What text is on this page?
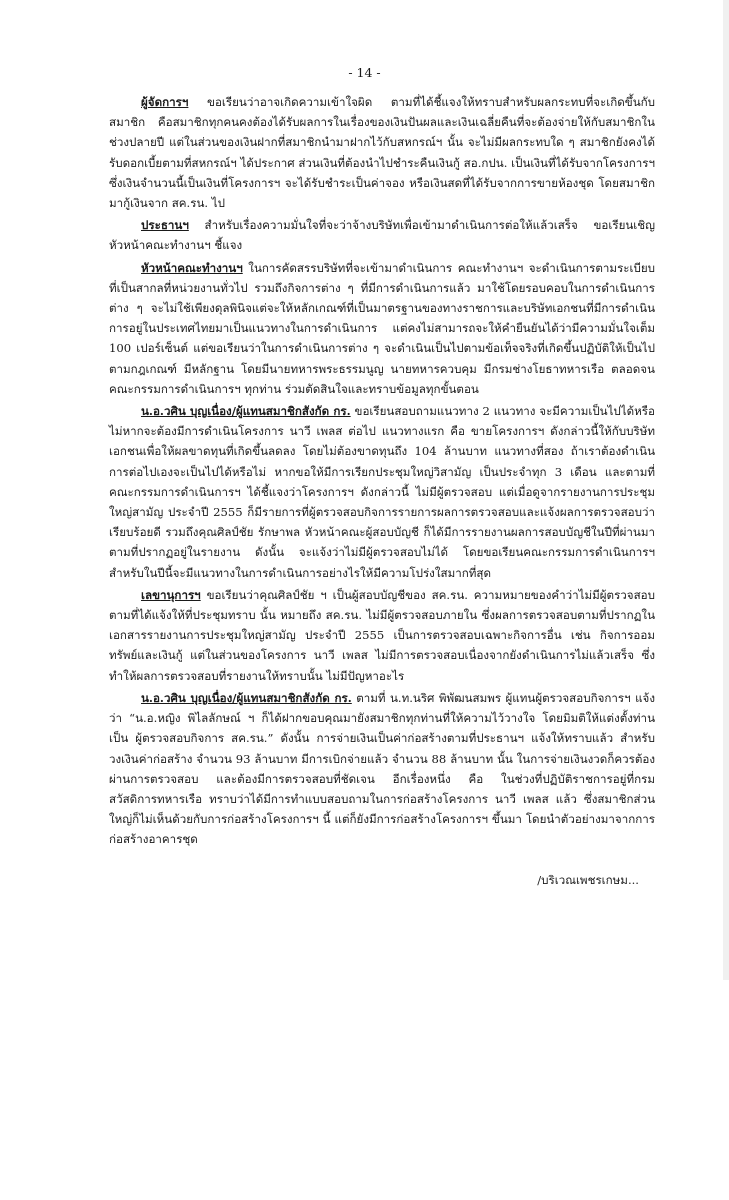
- 14 -

ผู้จัดการฯ ขอเรียนว่าอาจเกิดความเข้าใจผิด ตามที่ได้ชี้แจงให้ทราบสำหรับผลกระทบที่จะเกิดขึ้นกับสมาชิก คือสมาชิกทุกคนคงต้องได้รับผลการในเรื่องของเงินปันผลและเงินเฉลี่ยคืนที่จะต้องจ่ายให้กับสมาชิกในช่วงปลายปี แต่ในส่วนของเงินฝากที่สมาชิกนำมาฝากไว้กับสหกรณ์ฯ นั้น จะไม่มีผลกระทบใด ๆ สมาชิกยังคงได้รับดอกเบี้ยตามที่สหกรณ์ฯ ได้ประกาศ ส่วนเงินที่ต้องนำไปชำระคืนเงินกู้ สอ.กปน. เป็นเงินที่ได้รับจากโครงการฯ ซึ่งเงินจำนวนนี้เป็นเงินที่โครงการฯ จะได้รับชำระเป็นค่าจอง หรือเงินสดที่ได้รับจากการขายห้องชุด โดยสมาชิกมากู้เงินจาก สค.รน. ไป

ประธานฯ สำหรับเรื่องความมั่นใจที่จะว่าจ้างบริษัทเพื่อเข้ามาดำเนินการต่อให้แล้วเสร็จ ขอเรียนเชิญหัวหน้าคณะทำงานฯ ชี้แจง

หัวหน้าคณะทำงานฯ ในการคัดสรรบริษัทที่จะเข้ามาดำเนินการ คณะทำงานฯ จะดำเนินการตามระเบียบที่เป็นสากลที่หน่วยงานทั่วไป รวมถึงกิจการต่าง ๆ ที่มีการดำเนินการแล้ว มาใช้โดยรอบคอบในการดำเนินการต่าง ๆ จะไม่ใช้เพียงดุลพินิจแต่จะให้หลักเกณฑ์ที่เป็นมาตรฐานของทางราชการและบริษัทเอกชนที่มีการดำเนินการอยู่ในประเทศไทยมาเป็นแนวทางในการดำเนินการ แต่คงไม่สามารถจะให้คำยืนยันได้ว่ามีความมั่นใจเต็ม 100 เปอร์เซ็นต์ แต่ขอเรียนว่าในการดำเนินการต่าง ๆ จะดำเนินเป็นไปตามข้อเท็จจริงที่เกิดขึ้นปฏิบัติให้เป็นไปตามกฎเกณฑ์ มีหลักฐาน โดยมีนายทหารพระธรรมนูญ นายทหารควบคุม มีกรมช่างโยธาทหารเรือ ตลอดจนคณะกรรมการดำเนินการฯ ทุกท่าน ร่วมตัดสินใจและทราบข้อมูลทุกขั้นตอน

น.อ.วศิน บุญเนื่อง/ผู้แทนสมาชิกสังกัด กร. ขอเรียนสอบถามแนวทาง 2 แนวทาง จะมีความเป็นไปได้หรือไม่หากจะต้องมีการดำเนินโครงการ นาวี เพลส ต่อไป แนวทางแรก คือ ขายโครงการฯ ดังกล่าวนี้ให้กับบริษัทเอกชนเพื่อให้ผลขาดทุนที่เกิดขึ้นลดลง โดยไม่ต้องขาดทุนถึง 104 ล้านบาท แนวทางที่สอง ถ้าเราต้องดำเนินการต่อไปเองจะเป็นไปได้หรือไม่ หากขอให้มีการเรียกประชุมใหญ่วิสามัญ เป็นประจำทุก 3 เดือน และตามที่คณะกรรมการดำเนินการฯ ได้ชี้แจงว่าโครงการฯ ดังกล่าวนี้ ไม่มีผู้ตรวจสอบ แต่เมื่อดูจากรายงานการประชุมใหญ่สามัญ ประจำปี 2555 ก็มีรายการที่ผู้ตรวจสอบกิจการรายการผลการตรวจสอบและแจ้งผลการตรวจสอบว่าเรียบร้อยดี รวมถึงคุณศิลป์ชัย รักษาพล หัวหน้าคณะผู้สอบบัญชี ก็ได้มีการรายงานผลการสอบบัญชีในปีที่ผ่านมาตามที่ปรากฏอยู่ในรายงาน ดังนั้น จะแจ้งว่าไม่มีผู้ตรวจสอบไม่ได้ โดยขอเรียนคณะกรรมการดำเนินการฯ สำหรับในปีนี้จะมีแนวทางในการดำเนินการอย่างไรให้มีความโปร่งใสมากที่สุด

เลขานุการฯ ขอเรียนว่าคุณศิลป์ชัย ฯ เป็นผู้สอบบัญชีของ สค.รน. ความหมายของคำว่าไม่มีผู้ตรวจสอบตามที่ได้แจ้งให้ที่ประชุมทราบ นั้น หมายถึง สค.รน. ไม่มีผู้ตรวจสอบภายใน ซึ่งผลการตรวจสอบตามที่ปรากฏในเอกสารรายงานการประชุมใหญ่สามัญ ประจำปี 2555 เป็นการตรวจสอบเฉพาะกิจการอื่น เช่น กิจการออมทรัพย์และเงินกู้ แต่ในส่วนของโครงการ นาวี เพลส ไม่มีการตรวจสอบเนื่องจากยังดำเนินการไม่แล้วเสร็จ ซึ่งทำให้ผลการตรวจสอบที่รายงานให้ทราบนั้น ไม่มีปัญหาอะไร

น.อ.วศิน บุญเนื่อง/ผู้แทนสมาชิกสังกัด กร. ตามที่ น.ท.นริศ พิพัฒนสมพร ผู้แทนผู้ตรวจสอบกิจการฯ แจ้งว่า “น.อ.หญิง พิไลลักษณ์ ฯ ก็ได้ฝากขอบคุณมายังสมาชิกทุกท่านที่ให้ความไว้วางใจ โดยมิมติให้แต่งตั้งท่านเป็น ผู้ตรวจสอบกิจการ สค.รน.” ดังนั้น การจ่ายเงินเป็นค่าก่อสร้างตามที่ประธานฯ แจ้งให้ทราบแล้ว สำหรับวงเงินค่าก่อสร้าง จำนวน 93 ล้านบาท มีการเบิกจ่ายแล้ว จำนวน 88 ล้านบาท นั้น ในการจ่ายเงินงวดก็ควรต้องผ่านการตรวจสอบ และต้องมีการตรวจสอบที่ชัดเจน อีกเรื่องหนึ่ง คือ ในช่วงที่ปฏิบัติราชการอยู่ที่กรมสวัสดิการทหารเรือ ทราบว่าได้มีการทำแบบสอบถามในการก่อสร้างโครงการ นาวี เพลส แล้ว ซึ่งสมาชิกส่วนใหญ่ก็ไม่เห็นด้วยกับการก่อสร้างโครงการฯ นี้ แต่ก็ยังมีการก่อสร้างโครงการฯ ขึ้นมา โดยนำตัวอย่างมาจากการก่อสร้างอาคารชุด

/บริเวณเพชรเกษม...
